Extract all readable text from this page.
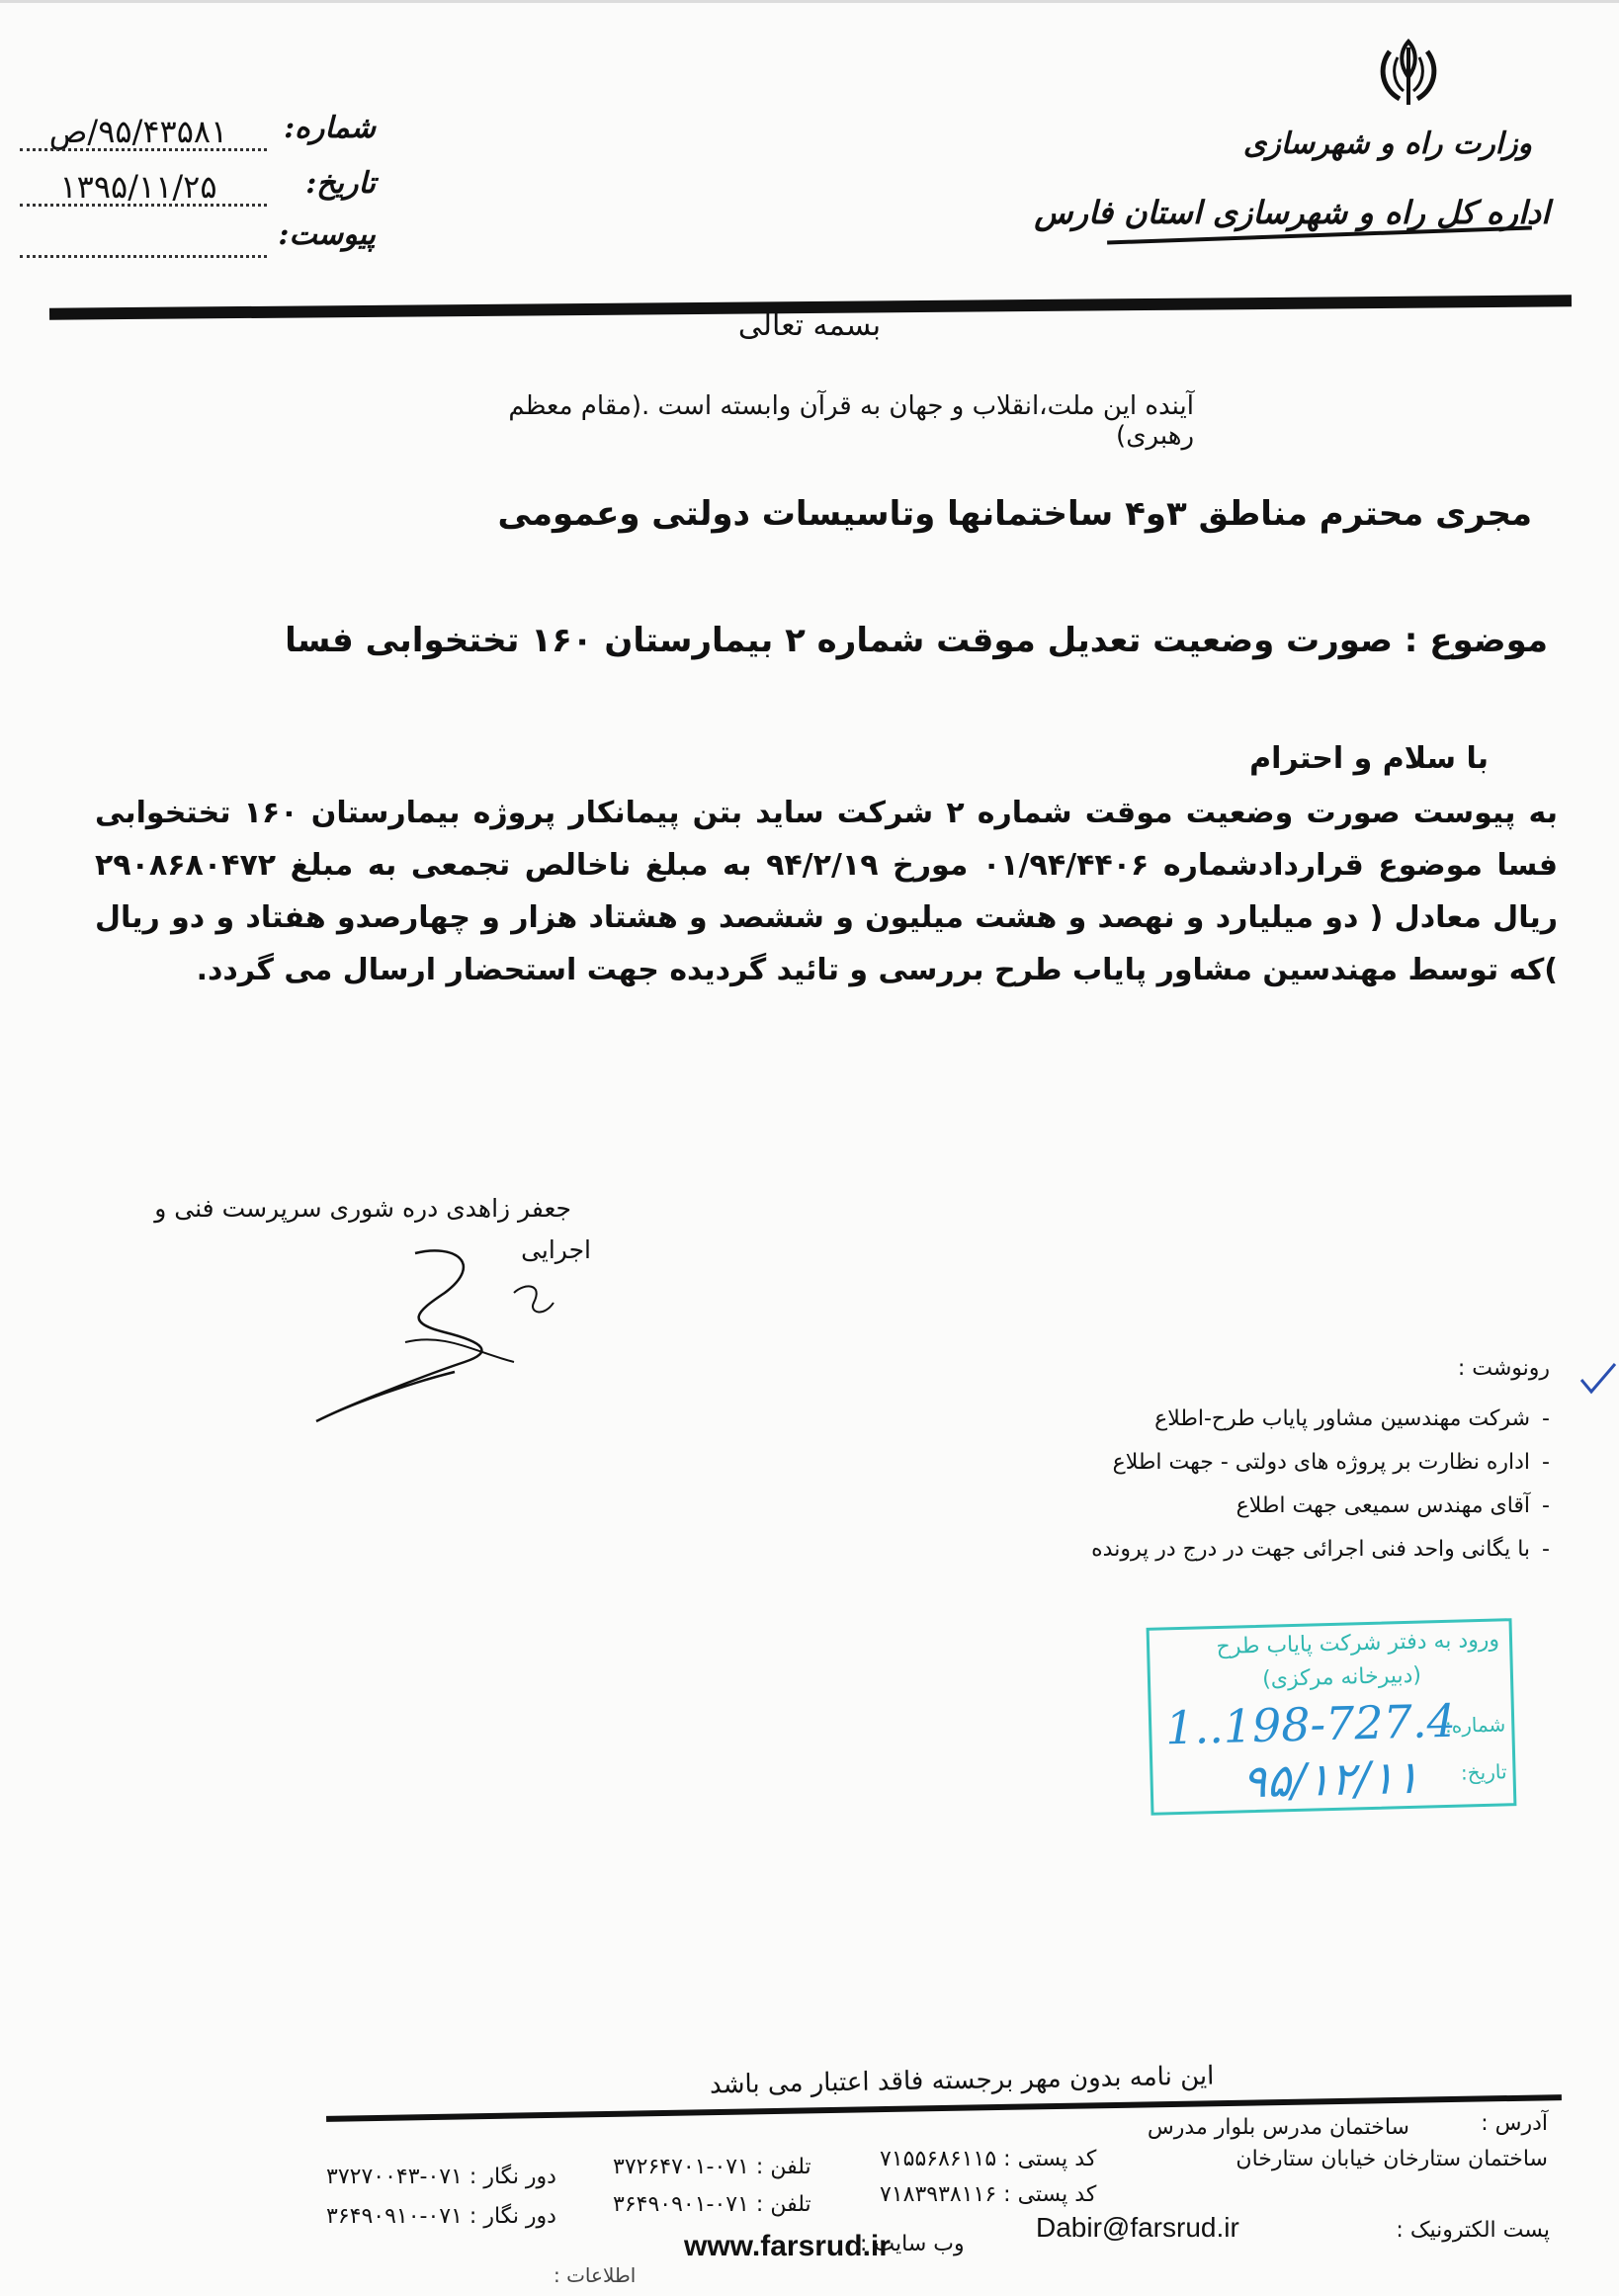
وزارت راه و شهرسازی
اداره کل راه و شهرسازی استان فارس
شماره:
۹۵/۴۳۵۸۱/ص
تاریخ:
۱۳۹۵/۱۱/۲۵
پیوست:
بسمه تعالی
آینده این ملت،انقلاب و جهان به قرآن وابسته است .(مقام معظم رهبری)
مجری محترم مناطق ۳و۴ ساختمانها وتاسیسات دولتی وعمومی
موضوع : صورت وضعیت تعدیل موقت شماره ۲ بیمارستان ۱۶۰ تختخوابی فسا
با سلام و احترام
به پیوست صورت وضعیت موقت شماره ۲ شرکت ساید بتن پیمانکار پروژه بیمارستان ۱۶۰ تختخوابی فسا موضوع قراردادشماره ۰۱/۹۴/۴۴۰۶ مورخ ۹۴/۲/۱۹ به مبلغ ناخالص تجمعی به مبلغ ۲۹۰۸۶۸۰۴۷۲ ریال معادل ( دو میلیارد و نهصد و هشت میلیون و ششصد و هشتاد هزار و چهارصدو هفتاد و دو ریال )که توسط مهندسین مشاور پایاب طرح بررسی و تائید گردیده جهت استحضار ارسال می گردد.
جعفر زاهدی دره شوری سرپرست فنی و
اجرایی
رونوشت :
-شرکت مهندسین مشاور پایاب طرح-اطلاع
-اداره نظارت بر پروژه های دولتی - جهت اطلاع
-آقای مهندس سمیعی جهت اطلاع
-با یگانی واحد فنی اجرائی جهت در درج در پرونده
ورود به دفتر شرکت پایاب طرح
(دبیرخانه مرکزی)
شماره:
1..198-727.4
تاریخ:
۹۵/۱۲/۱۱
این نامه بدون مهر برجسته فاقد اعتبار می باشد
آدرس :
ساختمان مدرس بلوار مدرس
ساختمان ستارخان خیابان ستارخان
کد پستی : ۷۱۵۵۶۸۶۱۱۵
تلفن : ۰۷۱-۳۷۲۶۴۷۰۱
دور نگار : ۰۷۱-۳۷۲۷۰۰۴۳
کد پستی : ۷۱۸۳۹۳۸۱۱۶
تلفن : ۰۷۱-۳۶۴۹۰۹۰۱
دور نگار : ۰۷۱-۳۶۴۹۰۹۱۰
پست الکترونیک :
Dabir@farsrud.ir
وب سایت :
www.farsrud.ir
اطلاعات :
